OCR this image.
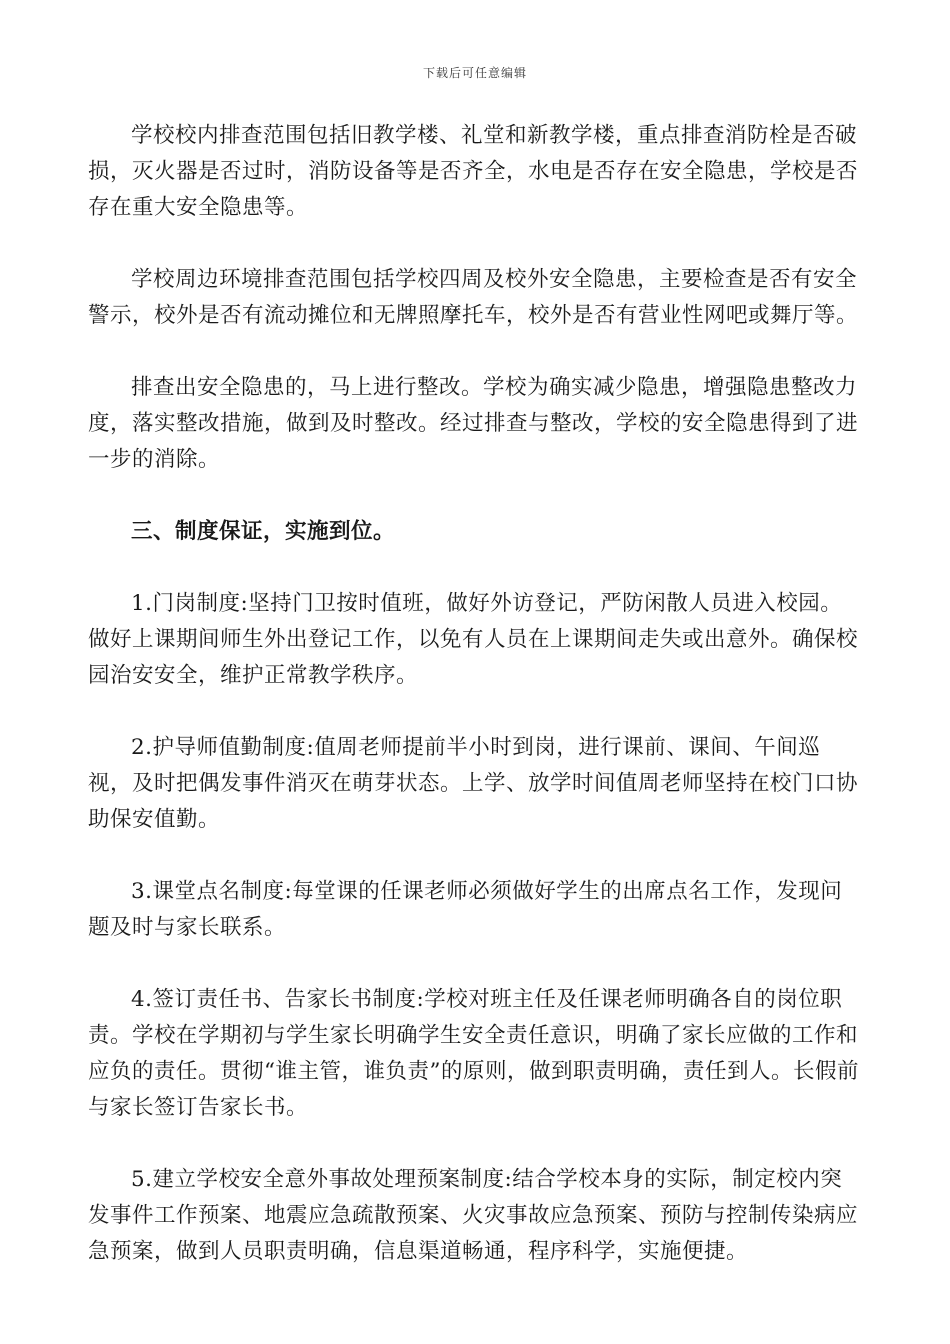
下载后可任意编辑

学校校内排查范围包括旧教学楼、礼堂和新教学楼，重点排查消防栓是否破损，灭火器是否过时，消防设备等是否齐全，水电是否存在安全隐患，学校是否存在重大安全隐患等。

学校周边环境排查范围包括学校四周及校外安全隐患，主要检查是否有安全警示，校外是否有流动摊位和无牌照摩托车，校外是否有营业性网吧或舞厅等。

排查出安全隐患的，马上进行整改。学校为确实减少隐患，增强隐患整改力度，落实整改措施，做到及时整改。经过排查与整改，学校的安全隐患得到了进一步的消除。

三、制度保证，实施到位。

1.门岗制度:坚持门卫按时值班，做好外访登记，严防闲散人员进入校园。做好上课期间师生外出登记工作，以免有人员在上课期间走失或出意外。确保校园治安安全，维护正常教学秩序。

2.护导师值勤制度:值周老师提前半小时到岗，进行课前、课间、午间巡视，及时把偶发事件消灭在萌芽状态。上学、放学时间值周老师坚持在校门口协助保安值勤。

3.课堂点名制度:每堂课的任课老师必须做好学生的出席点名工作，发现问题及时与家长联系。

4.签订责任书、告家长书制度:学校对班主任及任课老师明确各自的岗位职责。学校在学期初与学生家长明确学生安全责任意识，明确了家长应做的工作和应负的责任。贯彻“谁主管，谁负责”的原则，做到职责明确，责任到人。长假前与家长签订告家长书。

5.建立学校安全意外事故处理预案制度:结合学校本身的实际，制定校内突发事件工作预案、地震应急疏散预案、火灾事故应急预案、预防与控制传染病应急预案，做到人员职责明确，信息渠道畅通，程序科学，实施便捷。
